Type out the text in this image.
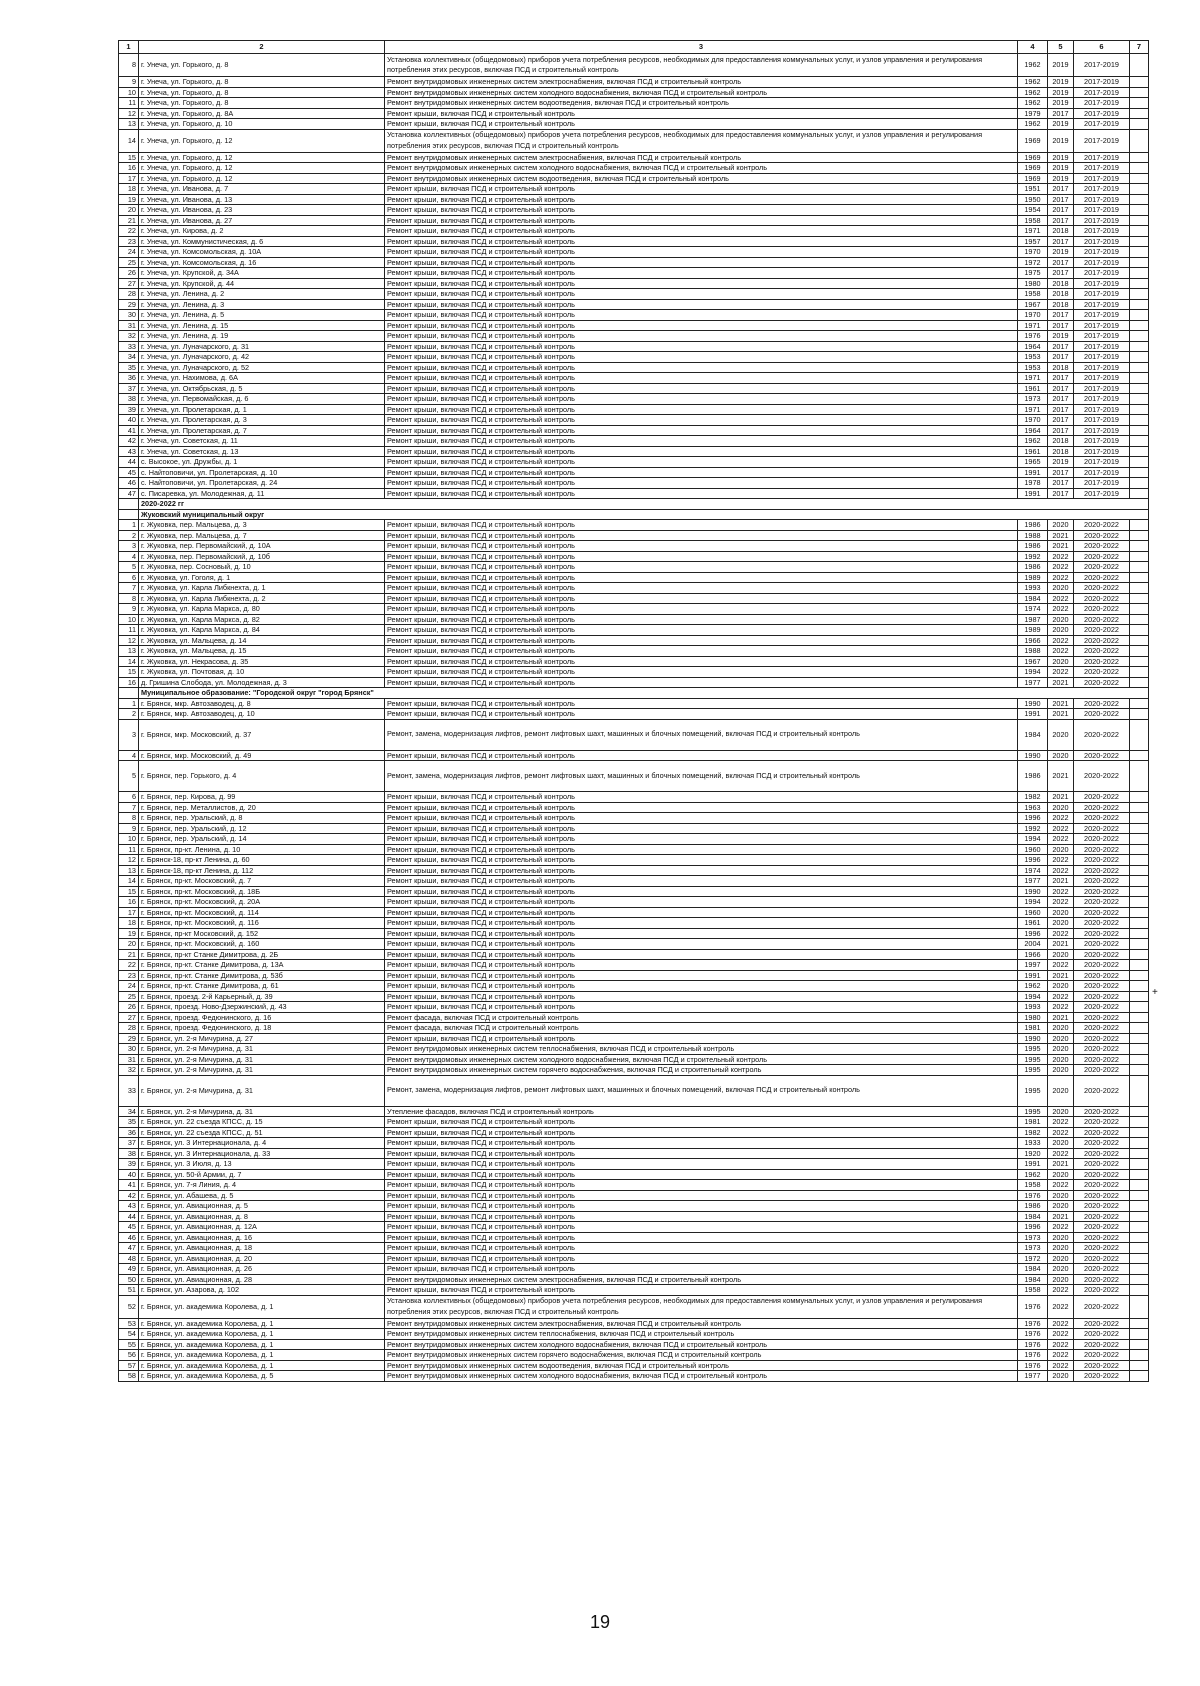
1	2	3	4	5	6	7
8	г. Унеча, ул. Горького, д. 8	Установка коллективных (общедомовых) приборов учета потребления ресурсов, необходимых для предоставления коммунальных услуг, и узлов управления и регулирования потребления этих ресурсов, включая ПСД и строительный контроль	1962	2019	2017-2019	
9	г. Унеча, ул. Горького, д. 8	Ремонт внутридомовых инженерных систем электроснабжения, включая ПСД и строительный контроль	1962	2019	2017-2019	
10	г. Унеча, ул. Горького, д. 8	Ремонт внутридомовых инженерных систем холодного водоснабжения, включая ПСД и строительный контроль	1962	2019	2017-2019	
11	г. Унеча, ул. Горького, д. 8	Ремонт внутридомовых инженерных систем водоотведения, включая ПСД и строительный контроль	1962	2019	2017-2019	
12	г. Унеча, ул. Горького, д. 8А	Ремонт крыши, включая ПСД и строительный контроль	1979	2017	2017-2019	
13	г. Унеча, ул. Горького, д. 10	Ремонт крыши, включая ПСД и строительный контроль	1962	2019	2017-2019	
14	г. Унеча, ул. Горького, д. 12	Установка коллективных (общедомовых) приборов учета потребления ресурсов, необходимых для предоставления коммунальных услуг, и узлов управления и регулирования потребления этих ресурсов, включая ПСД и строительный контроль	1969	2019	2017-2019	
15	г. Унеча, ул. Горького, д. 12	Ремонт внутридомовых инженерных систем электроснабжения, включая ПСД и строительный контроль	1969	2019	2017-2019	
16	г. Унеча, ул. Горького, д. 12	Ремонт внутридомовых инженерных систем холодного водоснабжения, включая ПСД и строительный контроль	1969	2019	2017-2019	
17	г. Унеча, ул. Горького, д. 12	Ремонт внутридомовых инженерных систем водоотведения, включая ПСД и строительный контроль	1969	2019	2017-2019	
18	г. Унеча, ул. Иванова, д. 7	Ремонт крыши, включая ПСД и строительный контроль	1951	2017	2017-2019	
19	г. Унеча, ул. Иванова, д. 13	Ремонт крыши, включая ПСД и строительный контроль	1950	2017	2017-2019	
20	г. Унеча, ул. Иванова, д. 23	Ремонт крыши, включая ПСД и строительный контроль	1954	2017	2017-2019	
21	г. Унеча, ул. Иванова, д. 27	Ремонт крыши, включая ПСД и строительный контроль	1958	2017	2017-2019	
22	г. Унеча, ул. Кирова, д. 2	Ремонт крыши, включая ПСД и строительный контроль	1971	2018	2017-2019	
23	г. Унеча, ул. Коммунистическая, д. 6	Ремонт крыши, включая ПСД и строительный контроль	1957	2017	2017-2019	
24	г. Унеча, ул. Комсомольская, д. 10А	Ремонт крыши, включая ПСД и строительный контроль	1970	2019	2017-2019	
25	г. Унеча, ул. Комсомольская, д. 16	Ремонт крыши, включая ПСД и строительный контроль	1972	2017	2017-2019	
26	г. Унеча, ул. Крупской, д. 34А	Ремонт крыши, включая ПСД и строительный контроль	1975	2017	2017-2019	
27	г. Унеча, ул. Крупской, д. 44	Ремонт крыши, включая ПСД и строительный контроль	1980	2018	2017-2019	
28	г. Унеча, ул. Ленина, д. 2	Ремонт крыши, включая ПСД и строительный контроль	1958	2018	2017-2019	
29	г. Унеча, ул. Ленина, д. 3	Ремонт крыши, включая ПСД и строительный контроль	1967	2018	2017-2019	
30	г. Унеча, ул. Ленина, д. 5	Ремонт крыши, включая ПСД и строительный контроль	1970	2017	2017-2019	
31	г. Унеча, ул. Ленина, д. 15	Ремонт крыши, включая ПСД и строительный контроль	1971	2017	2017-2019	
32	г. Унеча, ул. Ленина, д. 19	Ремонт крыши, включая ПСД и строительный контроль	1976	2019	2017-2019	
33	г. Унеча, ул. Луначарского, д. 31	Ремонт крыши, включая ПСД и строительный контроль	1964	2017	2017-2019	
34	г. Унеча, ул. Луначарского, д. 42	Ремонт крыши, включая ПСД и строительный контроль	1953	2017	2017-2019	
35	г. Унеча, ул. Луначарского, д. 52	Ремонт крыши, включая ПСД и строительный контроль	1953	2018	2017-2019	
36	г. Унеча, ул. Нахимова, д. 6А	Ремонт крыши, включая ПСД и строительный контроль	1971	2017	2017-2019	
37	г. Унеча, ул. Октябрьская, д. 5	Ремонт крыши, включая ПСД и строительный контроль	1961	2017	2017-2019	
38	г. Унеча, ул. Первомайская, д. 6	Ремонт крыши, включая ПСД и строительный контроль	1973	2017	2017-2019	
39	г. Унеча, ул. Пролетарская, д. 1	Ремонт крыши, включая ПСД и строительный контроль	1971	2017	2017-2019	
40	г. Унеча, ул. Пролетарская, д. 3	Ремонт крыши, включая ПСД и строительный контроль	1970	2017	2017-2019	
41	г. Унеча, ул. Пролетарская, д. 7	Ремонт крыши, включая ПСД и строительный контроль	1964	2017	2017-2019	
42	г. Унеча, ул. Советская, д. 11	Ремонт крыши, включая ПСД и строительный контроль	1962	2018	2017-2019	
43	г. Унеча, ул. Советская, д. 13	Ремонт крыши, включая ПСД и строительный контроль	1961	2018	2017-2019	
44	с. Высокое, ул. Дружбы, д. 1	Ремонт крыши, включая ПСД и строительный контроль	1965	2019	2017-2019	
45	с. Найтоповичи, ул. Пролетарская, д. 10	Ремонт крыши, включая ПСД и строительный контроль	1991	2017	2017-2019	
46	с. Найтоповичи, ул. Пролетарская, д. 24	Ремонт крыши, включая ПСД и строительный контроль	1978	2017	2017-2019	
47	с. Писаревка, ул. Молодежная, д. 11	Ремонт крыши, включая ПСД и строительный контроль	1991	2017	2017-2019	
	2020-2022 гг					
	Жуковский муниципальный округ					
1	г. Жуковка, пер. Мальцева, д. 3	Ремонт крыши, включая ПСД и строительный контроль	1986	2020	2020-2022	
2	г. Жуковка, пер. Мальцева, д. 7	Ремонт крыши, включая ПСД и строительный контроль	1988	2021	2020-2022	
3	г. Жуковка, пер. Первомайский, д. 10А	Ремонт крыши, включая ПСД и строительный контроль	1986	2021	2020-2022	
4	г. Жуковка, пер. Первомайский, д. 10б	Ремонт крыши, включая ПСД и строительный контроль	1992	2022	2020-2022	
5	г. Жуковка, пер. Сосновый, д. 10	Ремонт крыши, включая ПСД и строительный контроль	1986	2022	2020-2022	
6	г. Жуковка, ул. Гоголя, д. 1	Ремонт крыши, включая ПСД и строительный контроль	1989	2022	2020-2022	
7	г. Жуковка, ул. Карла Либкнехта, д. 1	Ремонт крыши, включая ПСД и строительный контроль	1993	2020	2020-2022	
8	г. Жуковка, ул. Карла Либкнехта, д. 2	Ремонт крыши, включая ПСД и строительный контроль	1984	2022	2020-2022	
9	г. Жуковка, ул. Карла Маркса, д. 80	Ремонт крыши, включая ПСД и строительный контроль	1974	2022	2020-2022	
10	г. Жуковка, ул. Карла Маркса, д. 82	Ремонт крыши, включая ПСД и строительный контроль	1987	2020	2020-2022	
11	г. Жуковка, ул. Карла Маркса, д. 84	Ремонт крыши, включая ПСД и строительный контроль	1989	2020	2020-2022	
12	г. Жуковка, ул. Мальцева, д. 14	Ремонт крыши, включая ПСД и строительный контроль	1966	2022	2020-2022	
13	г. Жуковка, ул. Мальцева, д. 15	Ремонт крыши, включая ПСД и строительный контроль	1988	2022	2020-2022	
14	г. Жуковка, ул. Некрасова, д. 35	Ремонт крыши, включая ПСД и строительный контроль	1967	2020	2020-2022	
15	г. Жуковка, ул. Почтовая, д. 10	Ремонт крыши, включая ПСД и строительный контроль	1994	2022	2020-2022	
16	д. Гришина Слобода, ул. Молодежная, д. 3	Ремонт крыши, включая ПСД и строительный контроль	1977	2021	2020-2022	
	Муниципальное образование: "Городской округ "город Брянск"					
1	г. Брянск, мкр. Автозаводец, д. 8	Ремонт крыши, включая ПСД и строительный контроль	1990	2021	2020-2022	
2	г. Брянск, мкр. Автозаводец, д. 10	Ремонт крыши, включая ПСД и строительный контроль	1991	2021	2020-2022	
3	г. Брянск, мкр. Московский, д. 37	Ремонт, замена, модернизация лифтов, ремонт лифтовых шахт, машинных и блочных помещений, включая ПСД и строительный контроль	1984	2020	2020-2022	
4	г. Брянск, мкр. Московский, д. 49	Ремонт крыши, включая ПСД и строительный контроль	1990	2020	2020-2022	
5	г. Брянск, пер. Горького, д. 4	Ремонт, замена, модернизация лифтов, ремонт лифтовых шахт, машинных и блочных помещений, включая ПСД и строительный контроль	1986	2021	2020-2022	
6	г. Брянск, пер. Кирова, д. 99	Ремонт крыши, включая ПСД и строительный контроль	1982	2021	2020-2022	
7	г. Брянск, пер. Металлистов, д. 20	Ремонт крыши, включая ПСД и строительный контроль	1963	2020	2020-2022	
8	г. Брянск, пер. Уральский, д. 8	Ремонт крыши, включая ПСД и строительный контроль	1996	2022	2020-2022	
9	г. Брянск, пер. Уральский, д. 12	Ремонт крыши, включая ПСД и строительный контроль	1992	2022	2020-2022	
10	г. Брянск, пер. Уральский, д. 14	Ремонт крыши, включая ПСД и строительный контроль	1994	2022	2020-2022	
11	г. Брянск, пр-кт. Ленина, д. 10	Ремонт крыши, включая ПСД и строительный контроль	1960	2020	2020-2022	
12	г. Брянск-18, пр-кт Ленина, д. 60	Ремонт крыши, включая ПСД и строительный контроль	1996	2022	2020-2022	
13	г. Брянск-18, пр-кт Ленина, д. 112	Ремонт крыши, включая ПСД и строительный контроль	1974	2022	2020-2022	
14	г. Брянск, пр-кт. Московский, д. 7	Ремонт крыши, включая ПСД и строительный контроль	1977	2021	2020-2022	
15	г. Брянск, пр-кт. Московский, д. 18Б	Ремонт крыши, включая ПСД и строительный контроль	1990	2022	2020-2022	
16	г. Брянск, пр-кт. Московский, д. 20А	Ремонт крыши, включая ПСД и строительный контроль	1994	2022	2020-2022	
17	г. Брянск, пр-кт. Московский, д. 114	Ремонт крыши, включая ПСД и строительный контроль	1960	2020	2020-2022	
18	г. Брянск, пр-кт. Московский, д. 116	Ремонт крыши, включая ПСД и строительный контроль	1961	2020	2020-2022	
19	г. Брянск, пр-кт Московский, д. 152	Ремонт крыши, включая ПСД и строительный контроль	1996	2022	2020-2022	
20	г. Брянск, пр-кт. Московский, д. 160	Ремонт крыши, включая ПСД и строительный контроль	2004	2021	2020-2022	
21	г. Брянск, пр-кт Станке Димитрова, д. 2Б	Ремонт крыши, включая ПСД и строительный контроль	1966	2020	2020-2022	
22	г. Брянск, пр-кт. Станке Димитрова, д. 13А	Ремонт крыши, включая ПСД и строительный контроль	1997	2022	2020-2022	
23	г. Брянск, пр-кт. Станке Димитрова, д. 53б	Ремонт крыши, включая ПСД и строительный контроль	1991	2021	2020-2022	
24	г. Брянск, пр-кт. Станке Димитрова, д. 61	Ремонт крыши, включая ПСД и строительный контроль	1962	2020	2020-2022	
25	г. Брянск, проезд. 2-й Карьерный, д. 39	Ремонт крыши, включая ПСД и строительный контроль	1994	2022	2020-2022	
26	г. Брянск, проезд. Ново-Дзержинский, д. 43	Ремонт крыши, включая ПСД и строительный контроль	1993	2022	2020-2022	
27	г. Брянск, проезд. Федюнинского, д. 16	Ремонт фасада, включая ПСД и строительный контроль	1980	2021	2020-2022	
28	г. Брянск, проезд. Федюнинского, д. 18	Ремонт фасада, включая ПСД и строительный контроль	1981	2020	2020-2022	
29	г. Брянск, ул. 2-я Мичурина, д. 27	Ремонт крыши, включая ПСД и строительный контроль	1990	2020	2020-2022	
30	г. Брянск, ул. 2-я Мичурина, д. 31	Ремонт внутридомовых инженерных систем теплоснабжения, включая ПСД и строительный контроль	1995	2020	2020-2022	
31	г. Брянск, ул. 2-я Мичурина, д. 31	Ремонт внутридомовых инженерных систем холодного водоснабжения, включая ПСД и строительный контроль	1995	2020	2020-2022	
32	г. Брянск, ул. 2-я Мичурина, д. 31	Ремонт внутридомовых инженерных систем горячего водоснабжения, включая ПСД и строительный контроль	1995	2020	2020-2022	
33	г. Брянск, ул. 2-я Мичурина, д. 31	Ремонт, замена, модернизация лифтов, ремонт лифтовых шахт, машинных и блочных помещений, включая ПСД и строительный контроль	1995	2020	2020-2022	
34	г. Брянск, ул. 2-я Мичурина, д. 31	Утепление фасадов, включая ПСД и строительный контроль	1995	2020	2020-2022	
35	г. Брянск, ул. 22 съезда КПСС, д. 15	Ремонт крыши, включая ПСД и строительный контроль	1981	2022	2020-2022	
36	г. Брянск, ул. 22 съезда КПСС, д. 51	Ремонт крыши, включая ПСД и строительный контроль	1982	2022	2020-2022	
37	г. Брянск, ул. 3 Интернационала, д. 4	Ремонт крыши, включая ПСД и строительный контроль	1933	2020	2020-2022	
38	г. Брянск, ул. 3 Интернационала, д. 33	Ремонт крыши, включая ПСД и строительный контроль	1920	2022	2020-2022	
39	г. Брянск, ул. 3 Июля, д. 13	Ремонт крыши, включая ПСД и строительный контроль	1991	2021	2020-2022	
40	г. Брянск, ул. 50-й Армии, д. 7	Ремонт крыши, включая ПСД и строительный контроль	1962	2020	2020-2022	
41	г. Брянск, ул. 7-я Линия, д. 4	Ремонт крыши, включая ПСД и строительный контроль	1958	2022	2020-2022	
42	г. Брянск, ул. Абашева, д. 5	Ремонт крыши, включая ПСД и строительный контроль	1976	2020	2020-2022	
43	г. Брянск, ул. Авиационная, д. 5	Ремонт крыши, включая ПСД и строительный контроль	1986	2020	2020-2022	
44	г. Брянск, ул. Авиационная, д. 8	Ремонт крыши, включая ПСД и строительный контроль	1984	2021	2020-2022	
45	г. Брянск, ул. Авиационная, д. 12А	Ремонт крыши, включая ПСД и строительный контроль	1996	2022	2020-2022	
46	г. Брянск, ул. Авиационная, д. 16	Ремонт крыши, включая ПСД и строительный контроль	1973	2020	2020-2022	
47	г. Брянск, ул. Авиационная, д. 18	Ремонт крыши, включая ПСД и строительный контроль	1973	2020	2020-2022	
48	г. Брянск, ул. Авиационная, д. 20	Ремонт крыши, включая ПСД и строительный контроль	1972	2020	2020-2022	
49	г. Брянск, ул. Авиационная, д. 26	Ремонт крыши, включая ПСД и строительный контроль	1984	2020	2020-2022	
50	г. Брянск, ул. Авиационная, д. 28	Ремонт внутридомовых инженерных систем электроснабжения, включая ПСД и строительный контроль	1984	2020	2020-2022	
51	г. Брянск, ул. Азарова, д. 102	Ремонт крыши, включая ПСД и строительный контроль	1958	2022	2020-2022	
52	г. Брянск, ул. академика Королева, д. 1	Установка коллективных (общедомовых) приборов учета потребления ресурсов, необходимых для предоставления коммунальных услуг, и узлов управления и регулирования потребления этих ресурсов, включая ПСД и строительный контроль	1976	2022	2020-2022	
53	г. Брянск, ул. академика Королева, д. 1	Ремонт внутридомовых инженерных систем электроснабжения, включая ПСД и строительный контроль	1976	2022	2020-2022	
54	г. Брянск, ул. академика Королева, д. 1	Ремонт внутридомовых инженерных систем теплоснабжения, включая ПСД и строительный контроль	1976	2022	2020-2022	
55	г. Брянск, ул. академика Королева, д. 1	Ремонт внутридомовых инженерных систем холодного водоснабжения, включая ПСД и строительный контроль	1976	2022	2020-2022	
56	г. Брянск, ул. академика Королева, д. 1	Ремонт внутридомовых инженерных систем горячего водоснабжения, включая ПСД и строительный контроль	1976	2022	2020-2022	
57	г. Брянск, ул. академика Королева, д. 1	Ремонт внутридомовых инженерных систем водоотведения, включая ПСД и строительный контроль	1976	2022	2020-2022	
58	г. Брянск, ул. академика Королева, д. 5	Ремонт внутридомовых инженерных систем холодного водоснабжения, включая ПСД и строительный контроль	1977	2020	2020-2022	
+
19
